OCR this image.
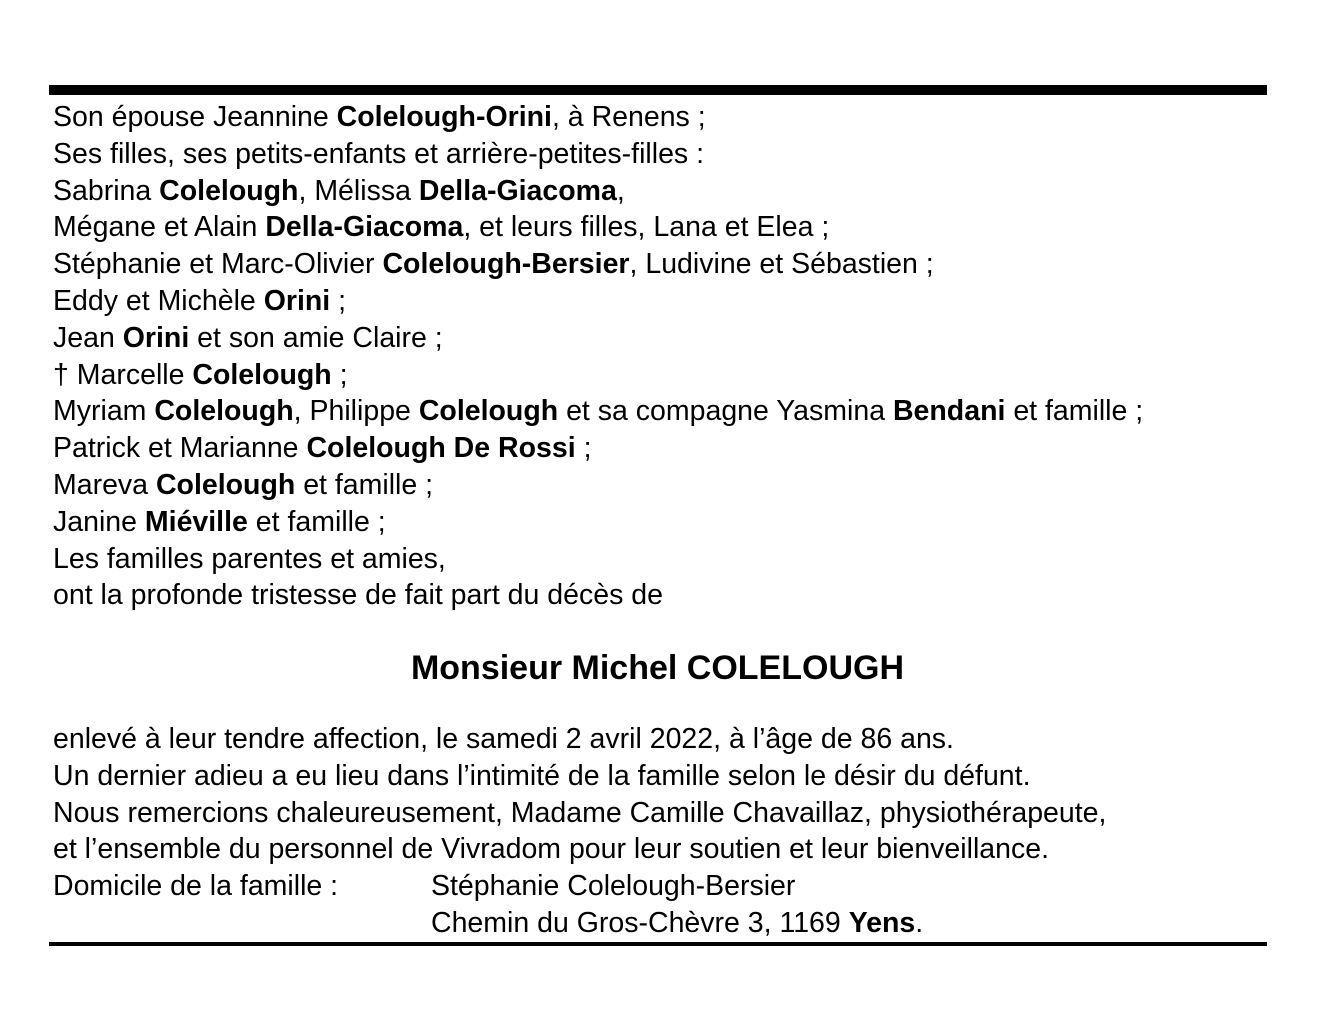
Son épouse Jeannine Colelough-Orini, à Renens ;
Ses filles, ses petits-enfants et arrière-petites-filles :
Sabrina Colelough, Mélissa Della-Giacoma,
Mégane et Alain Della-Giacoma, et leurs filles, Lana et Elea ;
Stéphanie et Marc-Olivier Colelough-Bersier, Ludivine et Sébastien ;
Eddy et Michèle Orini ;
Jean Orini et son amie Claire ;
† Marcelle Colelough ;
Myriam Colelough, Philippe Colelough et sa compagne Yasmina Bendani et famille ;
Patrick et Marianne Colelough De Rossi ;
Mareva Colelough et famille ;
Janine Miéville et famille ;
Les familles parentes et amies,
ont la profonde tristesse de fait part du décès de
Monsieur Michel COLELOUGH
enlevé à leur tendre affection, le samedi 2 avril 2022, à l’âge de 86 ans.
Un dernier adieu a eu lieu dans l’intimité de la famille selon le désir du défunt.
Nous remercions chaleureusement, Madame Camille Chavaillaz, physiothérapeute,
et l’ensemble du personnel de Vivradom pour leur soutien et leur bienveillance.
Domicile de la famille :	Stéphanie Colelough-Bersier
Chemin du Gros-Chèvre 3, 1169 Yens.
